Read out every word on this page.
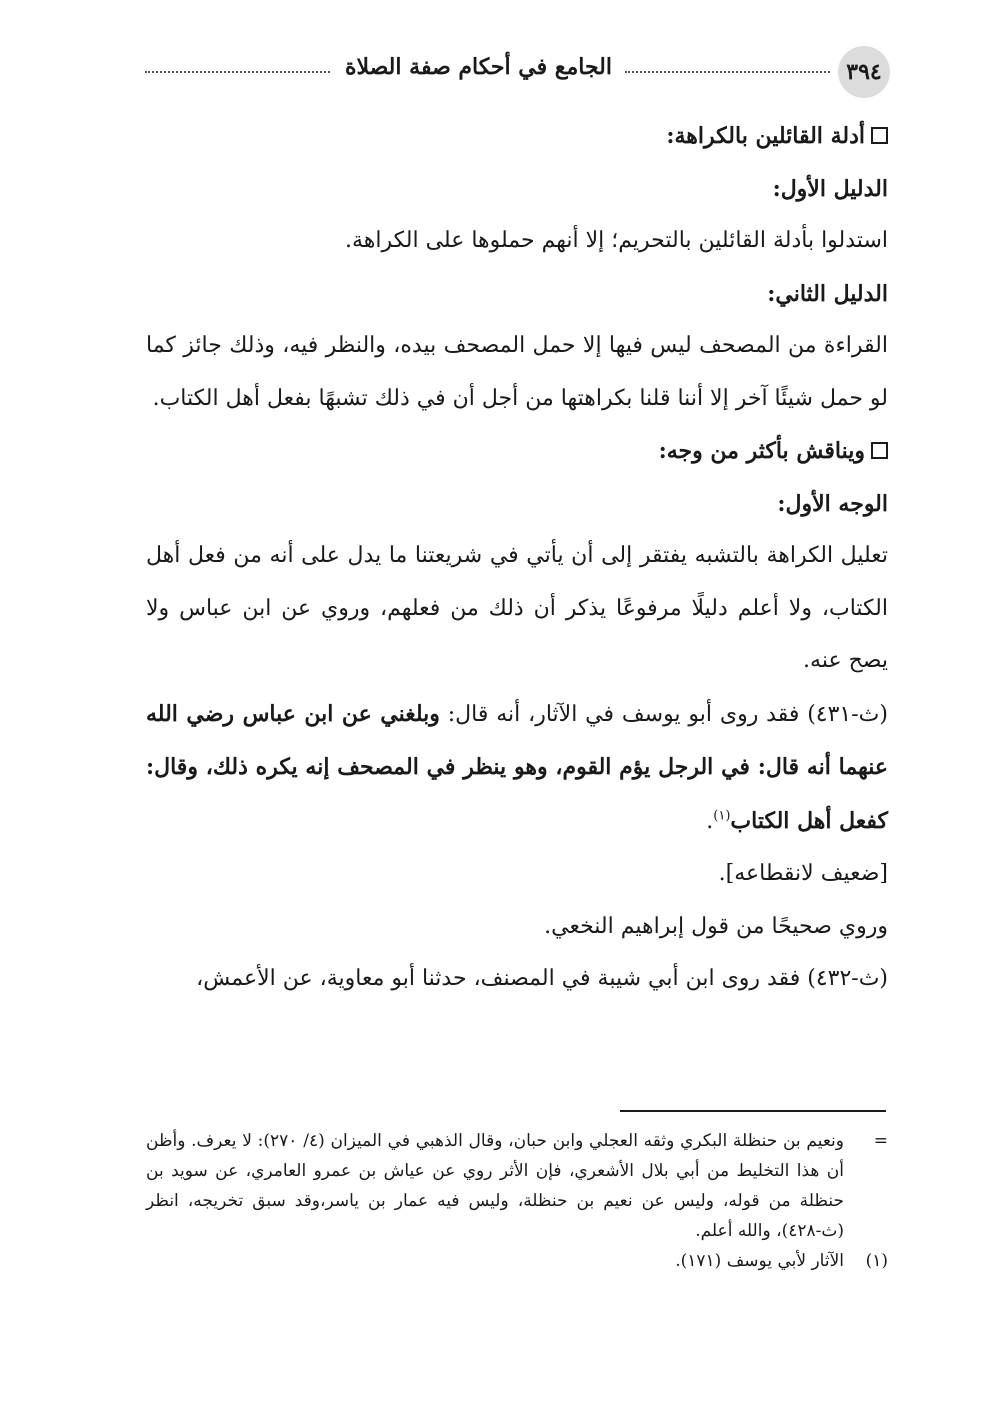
٣٩٤
الجامع في أحكام صفة الصلاة

أدلة القائلين بالكراهة:

الدليل الأول:

استدلوا بأدلة القائلين بالتحريم؛ إلا أنهم حملوها على الكراهة.

الدليل الثاني:

القراءة من المصحف ليس فيها إلا حمل المصحف بيده، والنظر فيه، وذلك جائز كما لو حمل شيئًا آخر إلا أننا قلنا بكراهتها من أجل أن في ذلك تشبهًا بفعل أهل الكتاب.

ويناقش بأكثر من وجه:

الوجه الأول:

تعليل الكراهة بالتشبه يفتقر إلى أن يأتي في شريعتنا ما يدل على أنه من فعل أهل الكتاب، ولا أعلم دليلًا مرفوعًا يذكر أن ذلك من فعلهم، وروي عن ابن عباس ولا يصح عنه.

(ث-٤٣١) فقد روى أبو يوسف في الآثار، أنه قال: وبلغني عن ابن عباس رضي الله عنهما أنه قال: في الرجل يؤم القوم، وهو ينظر في المصحف إنه يكره ذلك، وقال: كفعل أهل الكتاب$^{(١)}$.

[ضعيف لانقطاعه].

وروي صحيحًا من قول إبراهيم النخعي.

(ث-٤٣٢) فقد روى ابن أبي شيبة في المصنف، حدثنا أبو معاوية، عن الأعمش،

=
ونعيم بن حنظلة البكري وثقه العجلي وابن حبان، وقال الذهبي في الميزان (٤/ ٢٧٠): لا يعرف. وأظن أن هذا التخليط من أبي بلال الأشعري، فإن الأثر روي عن عياش بن عمرو العامري، عن سويد بن حنظلة من قوله، وليس عن نعيم بن حنظلة، وليس فيه عمار بن ياسر،وقد سبق تخريجه، انظر (ث-٤٢٨)، والله أعلم.
(١)
الآثار لأبي يوسف (١٧١).
